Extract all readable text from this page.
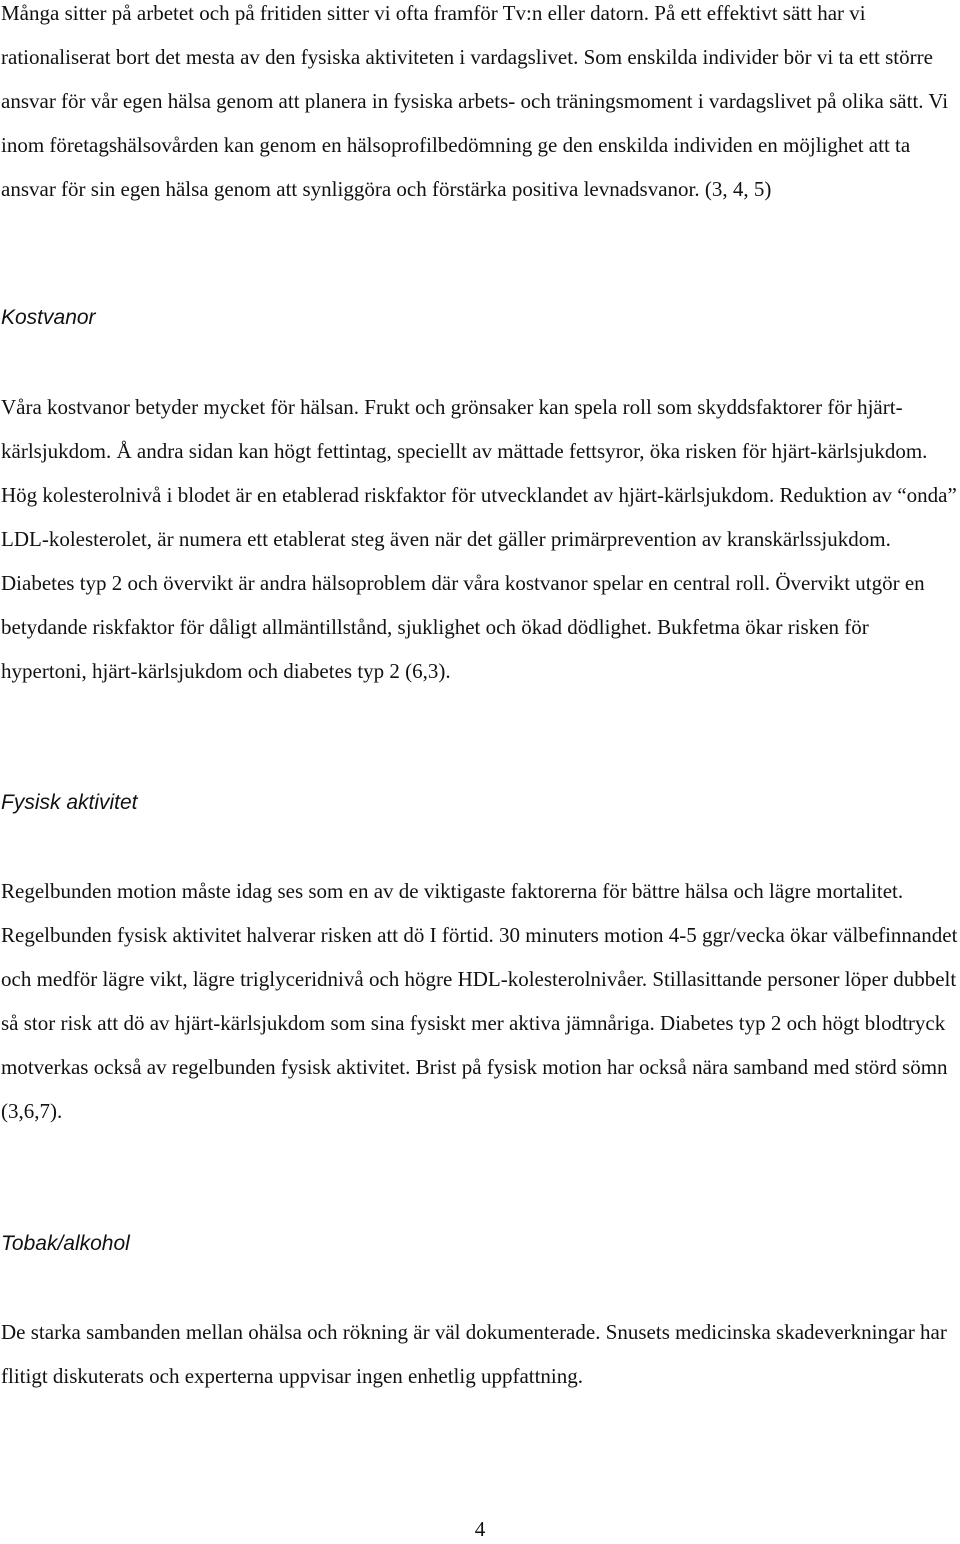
Många sitter på arbetet och på fritiden sitter vi ofta framför Tv:n eller datorn. På ett effektivt sätt har vi rationaliserat bort det mesta av den fysiska aktiviteten i vardagslivet. Som enskilda individer bör vi ta ett större ansvar för vår egen hälsa genom att planera in fysiska arbets- och träningsmoment i vardagslivet på olika sätt. Vi inom företagshälsovården kan genom en hälsoprofilbedömning ge den enskilda individen en möjlighet att ta ansvar för sin egen hälsa genom att synliggöra och förstärka positiva levnadsvanor. (3, 4, 5)

Kostvanor

Våra kostvanor betyder mycket för hälsan. Frukt och grönsaker kan spela roll som skyddsfaktorer för hjärt-kärlsjukdom. Å andra sidan kan högt fettintag, speciellt av mättade fettsyror, öka risken för hjärt-kärlsjukdom. Hög kolesterolnivå i blodet är en etablerad riskfaktor för utvecklandet av hjärt-kärlsjukdom. Reduktion av “onda” LDL-kolesterolet, är numera ett etablerat steg även när det gäller primärprevention av kranskärlssjukdom. Diabetes typ 2 och övervikt är andra hälsoproblem där våra kostvanor spelar en central roll. Övervikt utgör en betydande riskfaktor för dåligt allmäntillstånd, sjuklighet och ökad dödlighet. Bukfetma ökar risken för hypertoni, hjärt-kärlsjukdom och diabetes typ 2 (6,3).

Fysisk aktivitet

Regelbunden motion måste idag ses som en av de viktigaste faktorerna för bättre hälsa och lägre mortalitet. Regelbunden fysisk aktivitet halverar risken att dö I förtid. 30 minuters motion 4-5 ggr/vecka ökar välbefinnandet och medför lägre vikt, lägre triglyceridnivå och högre HDL-kolesterolnivåer. Stillasittande personer löper dubbelt så stor risk att dö av hjärt-kärlsjukdom som sina fysiskt mer aktiva jämnåriga. Diabetes typ 2 och högt blodtryck motverkas också av regelbunden fysisk aktivitet. Brist på fysisk motion har också nära samband med störd sömn (3,6,7).

Tobak/alkohol

De starka sambanden mellan ohälsa och rökning är väl dokumenterade. Snusets medicinska skadeverkningar har flitigt diskuterats och experterna uppvisar ingen enhetlig uppfattning.

4
